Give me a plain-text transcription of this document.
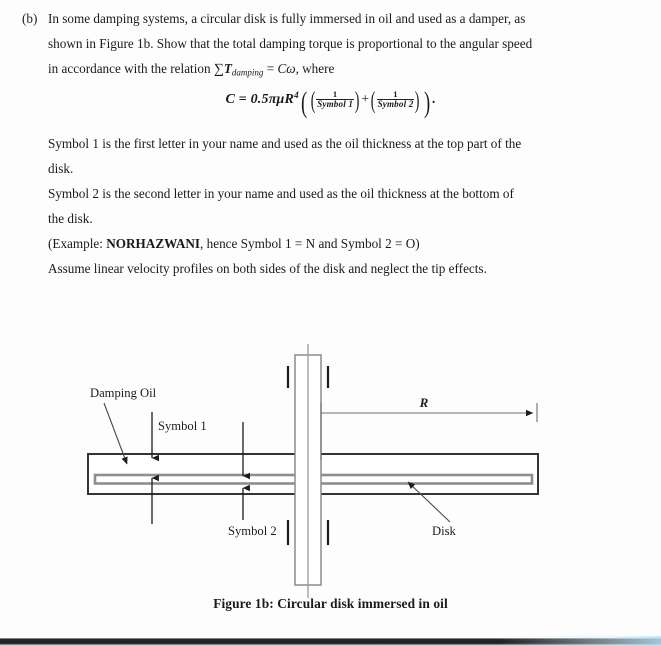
(b) In some damping systems, a circular disk is fully immersed in oil and used as a damper, as
shown in Figure 1b. Show that the total damping torque is proportional to the angular speed
in accordance with the relation $\sum T_{damping} = C\omega$, where
C = 0.5πμR$^4$( ( $\frac{1}{\text{Symbol 1}}$ ) +( $\frac{1}{\text{Symbol 2}}$ ) ) .
Symbol 1 is the first letter in your name and used as the oil thickness at the top part of the
disk.
Symbol 2 is the second letter in your name and used as the oil thickness at the bottom of
the disk.
(Example: NORHAZWANI, hence Symbol 1 = N and Symbol 2 = O)
Assume linear velocity profiles on both sides of the disk and neglect the tip effects.
R
Damping Oil
Symbol 1
Symbol 2	Disk
Figure 1b: Circular disk immersed in oil
